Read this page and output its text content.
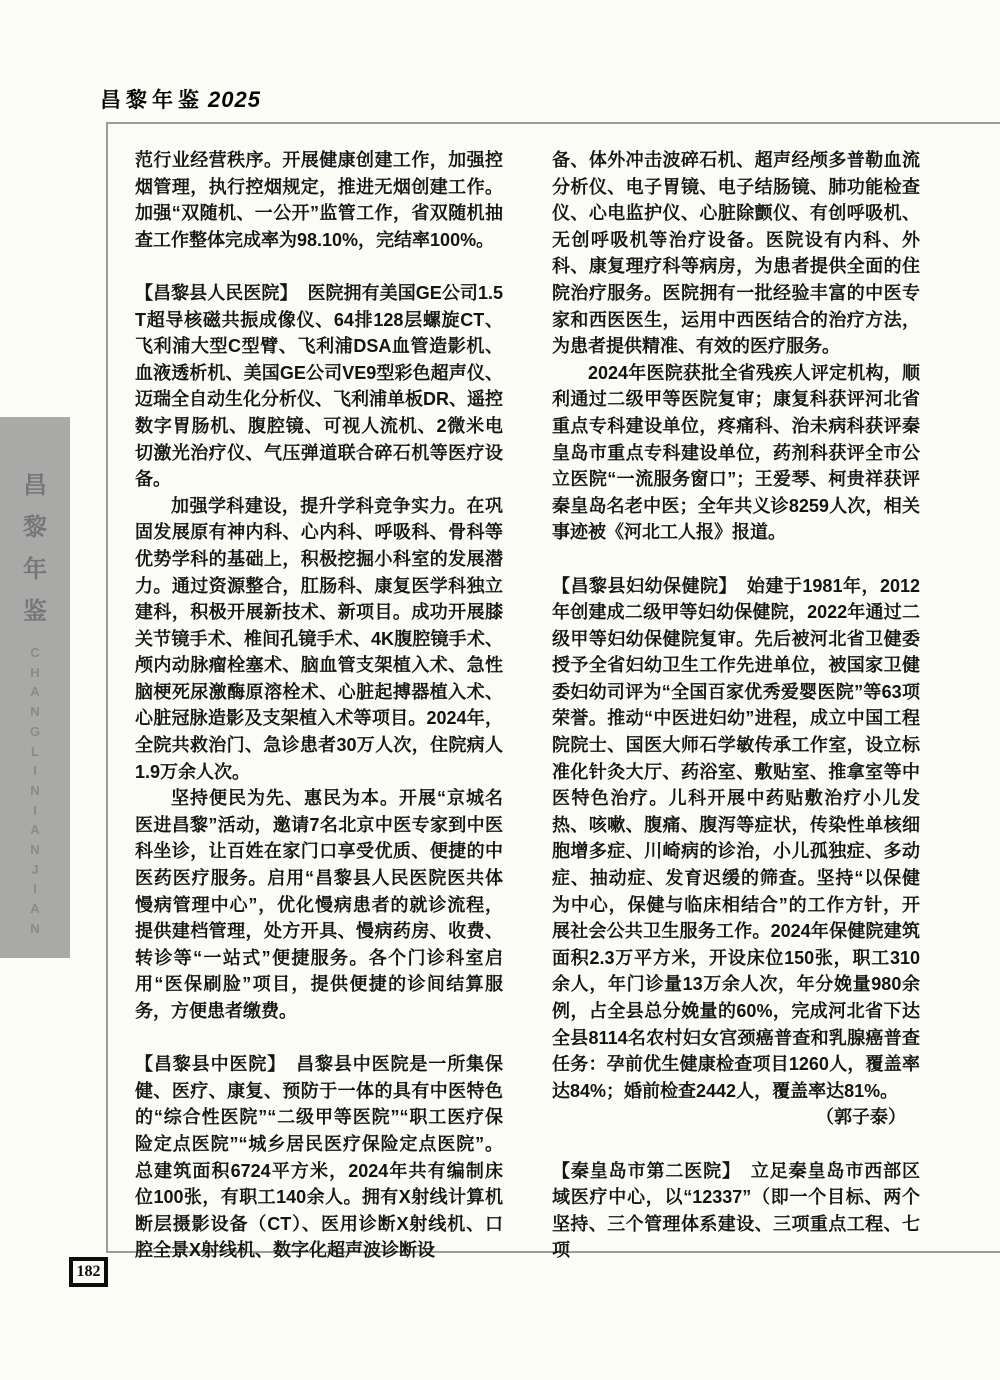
昌黎年鉴 2025
昌
黎
年
鉴
C
H
A
N
G
L
I
N
I
A
N
J
I
A
N

范行业经营秩序。开展健康创建工作，加强控烟管理，执行控烟规定，推进无烟创建工作。加强“双随机、一公开”监管工作，省双随机抽查工作整体完成率为98.10%，完结率100%。

【昌黎县人民医院】 医院拥有美国GE公司1.5T超导核磁共振成像仪、64排128层螺旋CT、飞利浦大型C型臂、飞利浦DSA血管造影机、血液透析机、美国GE公司VE9型彩色超声仪、迈瑞全自动生化分析仪、飞利浦单板DR、遥控数字胃肠机、腹腔镜、可视人流机、2微米电切激光治疗仪、气压弹道联合碎石机等医疗设备。

加强学科建设，提升学科竞争实力。在巩固发展原有神内科、心内科、呼吸科、骨科等优势学科的基础上，积极挖掘小科室的发展潜力。通过资源整合，肛肠科、康复医学科独立建科，积极开展新技术、新项目。成功开展膝关节镜手术、椎间孔镜手术、4K腹腔镜手术、颅内动脉瘤栓塞术、脑血管支架植入术、急性脑梗死尿激酶原溶栓术、心脏起搏器植入术、心脏冠脉造影及支架植入术等项目。2024年，全院共救治门、急诊患者30万人次，住院病人1.9万余人次。

坚持便民为先、惠民为本。开展“京城名医进昌黎”活动，邀请7名北京中医专家到中医科坐诊，让百姓在家门口享受优质、便捷的中医药医疗服务。启用“昌黎县人民医院医共体慢病管理中心”，优化慢病患者的就诊流程，提供建档管理，处方开具、慢病药房、收费、转诊等“一站式”便捷服务。各个门诊科室启用“医保刷脸”项目，提供便捷的诊间结算服务，方便患者缴费。

【昌黎县中医院】 昌黎县中医院是一所集保健、医疗、康复、预防于一体的具有中医特色的“综合性医院”“二级甲等医院”“职工医疗保险定点医院”“城乡居民医疗保险定点医院”。总建筑面积6724平方米，2024年共有编制床位100张，有职工140余人。拥有X射线计算机断层摄影设备（CT）、医用诊断X射线机、口腔全景X射线机、数字化超声波诊断设

备、体外冲击波碎石机、超声经颅多普勒血流分析仪、电子胃镜、电子结肠镜、肺功能检查仪、心电监护仪、心脏除颤仪、有创呼吸机、无创呼吸机等治疗设备。医院设有内科、外科、康复理疗科等病房，为患者提供全面的住院治疗服务。医院拥有一批经验丰富的中医专家和西医医生，运用中西医结合的治疗方法，为患者提供精准、有效的医疗服务。

2024年医院获批全省残疾人评定机构，顺利通过二级甲等医院复审；康复科获评河北省重点专科建设单位，疼痛科、治未病科获评秦皇岛市重点专科建设单位，药剂科获评全市公立医院“一流服务窗口”；王爱琴、柯贵祥获评秦皇岛名老中医；全年共义诊8259人次，相关事迹被《河北工人报》报道。

【昌黎县妇幼保健院】 始建于1981年，2012年创建成二级甲等妇幼保健院，2022年通过二级甲等妇幼保健院复审。先后被河北省卫健委授予全省妇幼卫生工作先进单位，被国家卫健委妇幼司评为“全国百家优秀爱婴医院”等63项荣誉。推动“中医进妇幼”进程，成立中国工程院院士、国医大师石学敏传承工作室，设立标准化针灸大厅、药浴室、敷贴室、推拿室等中医特色治疗。儿科开展中药贴敷治疗小儿发热、咳嗽、腹痛、腹泻等症状，传染性单核细胞增多症、川崎病的诊治，小儿孤独症、多动症、抽动症、发育迟缓的筛查。坚持“以保健为中心，保健与临床相结合”的工作方针，开展社会公共卫生服务工作。2024年保健院建筑面积2.3万平方米，开设床位150张，职工310余人，年门诊量13万余人次，年分娩量980余例，占全县总分娩量的60%，完成河北省下达全县8114名农村妇女宫颈癌普查和乳腺癌普查任务：孕前优生健康检查项目1260人，覆盖率达84%；婚前检查2442人，覆盖率达81%。

（郭子泰）

【秦皇岛市第二医院】 立足秦皇岛市西部区域医疗中心，以“12337”（即一个目标、两个坚持、三个管理体系建设、三项重点工程、七项

182
